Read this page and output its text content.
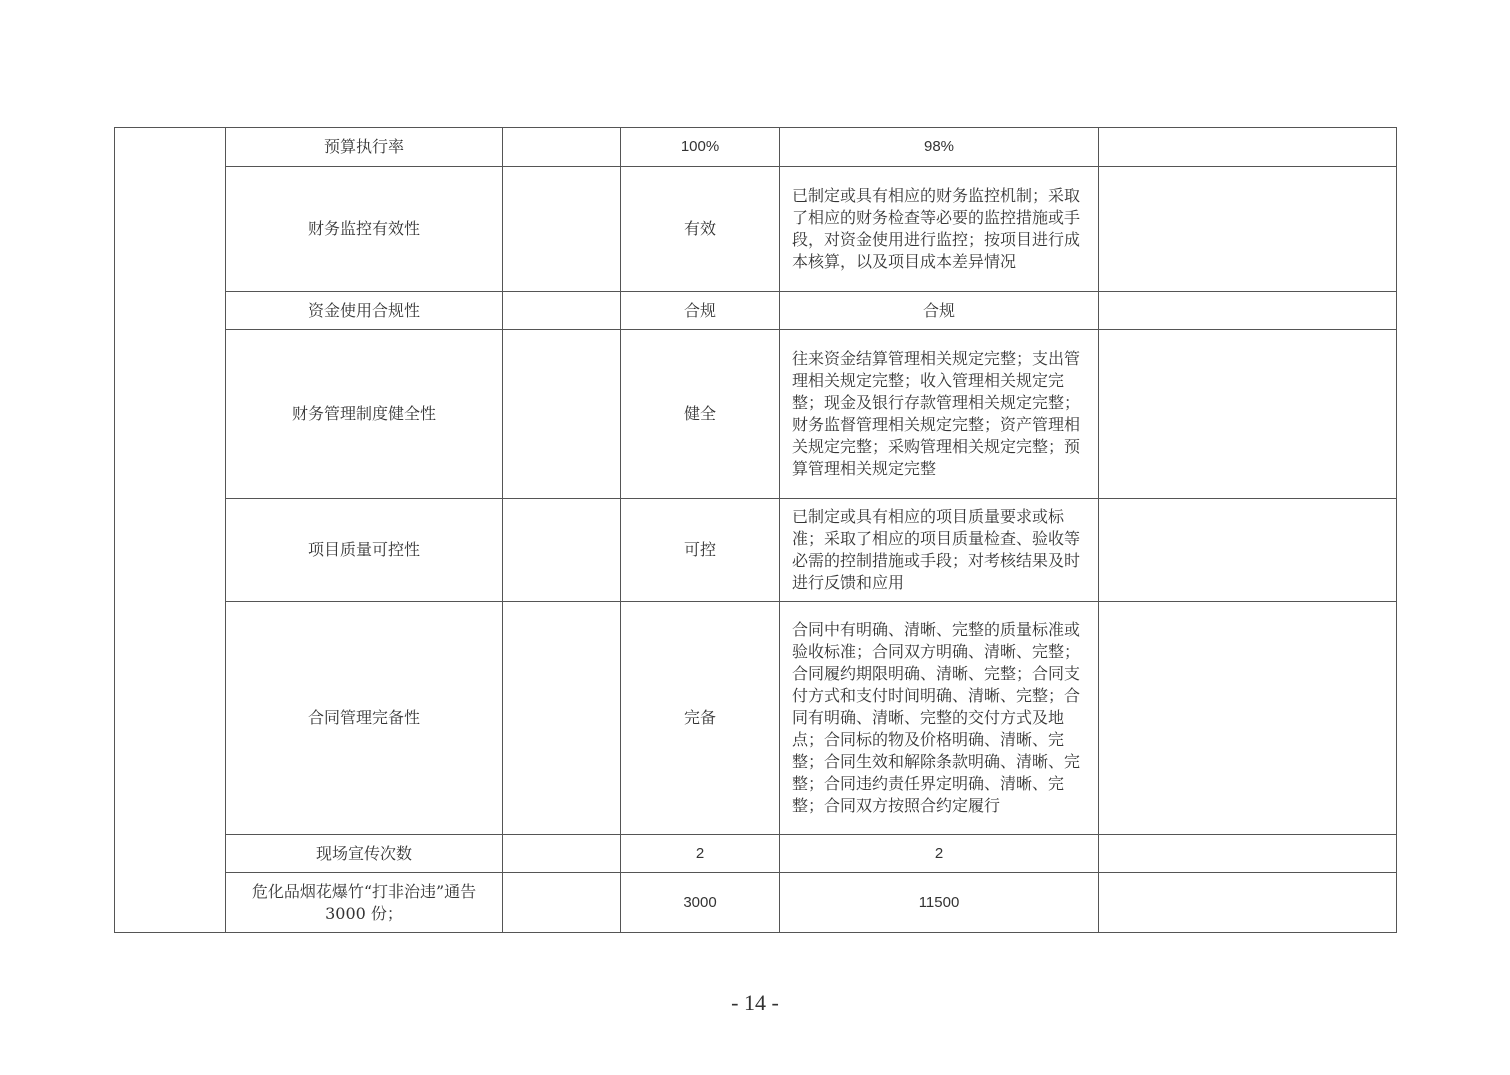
	预算执行率		100%	98%	
	财务监控有效性		有效	已制定或具有相应的财务监控机制；采取了相应的财务检查等必要的监控措施或手段，对资金使用进行监控；按项目进行成本核算，以及项目成本差异情况	
	资金使用合规性		合规	合规	
	财务管理制度健全性		健全	往来资金结算管理相关规定完整；支出管理相关规定完整；收入管理相关规定完整；现金及银行存款管理相关规定完整；财务监督管理相关规定完整；资产管理相关规定完整；采购管理相关规定完整；预算管理相关规定完整	
	项目质量可控性		可控	已制定或具有相应的项目质量要求或标准；采取了相应的项目质量检查、验收等必需的控制措施或手段；对考核结果及时进行反馈和应用	
	合同管理完备性		完备	合同中有明确、清晰、完整的质量标准或验收标准；合同双方明确、清晰、完整；合同履约期限明确、清晰、完整；合同支付方式和支付时间明确、清晰、完整；合同有明确、清晰、完整的交付方式及地点；合同标的物及价格明确、清晰、完整；合同生效和解除条款明确、清晰、完整；合同违约责任界定明确、清晰、完整；合同双方按照合约定履行	
	现场宣传次数		2	2	
	危化品烟花爆竹“打非治违”通告 3000 份；		3000	11500	
- 14 -
